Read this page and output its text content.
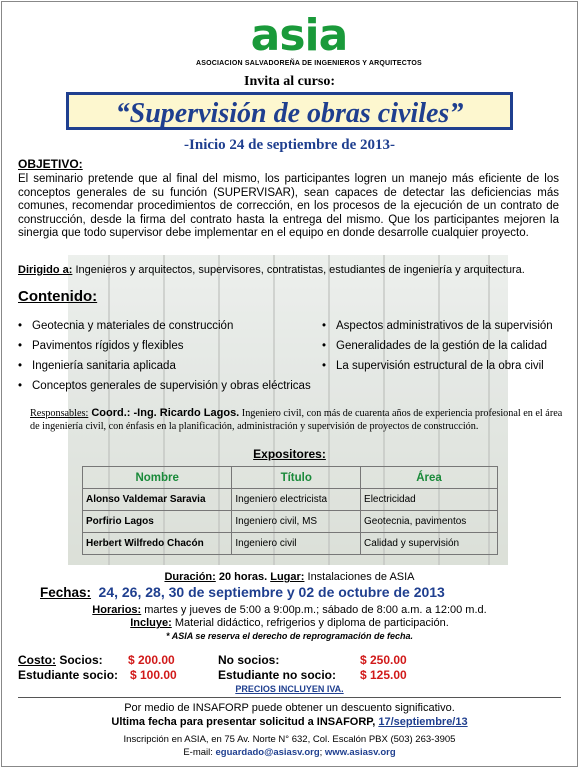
asia
ASOCIACION SALVADOREÑA DE INGENIEROS Y ARQUITECTOS
Invita al curso:
“Supervisión de obras civiles”
-Inicio 24 de septiembre de 2013-
OBJETIVO:
El seminario pretende que al final del mismo, los participantes logren un manejo más eficiente de los conceptos generales de su función (SUPERVISAR), sean capaces de detectar las deficiencias más comunes, recomendar procedimientos de corrección, en los procesos de la ejecución de un contrato de construcción, desde la firma del contrato hasta la entrega del mismo. Que los participantes mejoren la sinergia que todo supervisor debe implementar en el equipo en donde desarrolle cualquier proyecto.
Dirigido a: Ingenieros y arquitectos, supervisores, contratistas, estudiantes de ingeniería y arquitectura.
Contenido:
• Geotecnia y materiales de construcción
• Pavimentos rígidos y flexibles
• Ingeniería sanitaria aplicada
• Conceptos generales de supervisión y obras eléctricas
• Aspectos administrativos de la supervisión
• Generalidades de la gestión de la calidad
• La supervisión estructural de la obra civil
Responsables: Coord.: -Ing. Ricardo Lagos. Ingeniero civil, con más de cuarenta años de experiencia profesional en el área de ingeniería civil, con énfasis en la planificación, administración y supervisión de proyectos de construcción.
Expositores:
Nombre	Título	Área
Alonso Valdemar Saravia	Ingeniero electricista	Electricidad
Porfirio Lagos	Ingeniero civil, MS	Geotecnia, pavimentos
Herbert Wilfredo Chacón	Ingeniero civil	Calidad y supervisión
Duración: 20 horas. Lugar: Instalaciones de ASIA
Fechas: 24, 26, 28, 30 de septiembre y 02 de octubre de 2013
Horarios: martes y jueves de 5:00 a 9:00p.m.; sábado de 8:00 a.m. a 12:00 m.d.
Incluye: Material didáctico, refrigerios y diploma de participación.
* ASIA se reserva el derecho de reprogramación de fecha.
Costo: Socios: $ 200.00	No socios:	$ 250.00
Estudiante socio: $ 100.00	Estudiante no socio: $ 125.00
PRECIOS INCLUYEN IVA.
Por medio de INSAFORP puede obtener un descuento significativo.
Ultima fecha para presentar solicitud a INSAFORP, 17/septiembre/13
Inscripción en ASIA, en 75 Av. Norte N° 632, Col. Escalón PBX (503) 263-3905
E-mail: eguardado@asiasv.org; www.asiasv.org
